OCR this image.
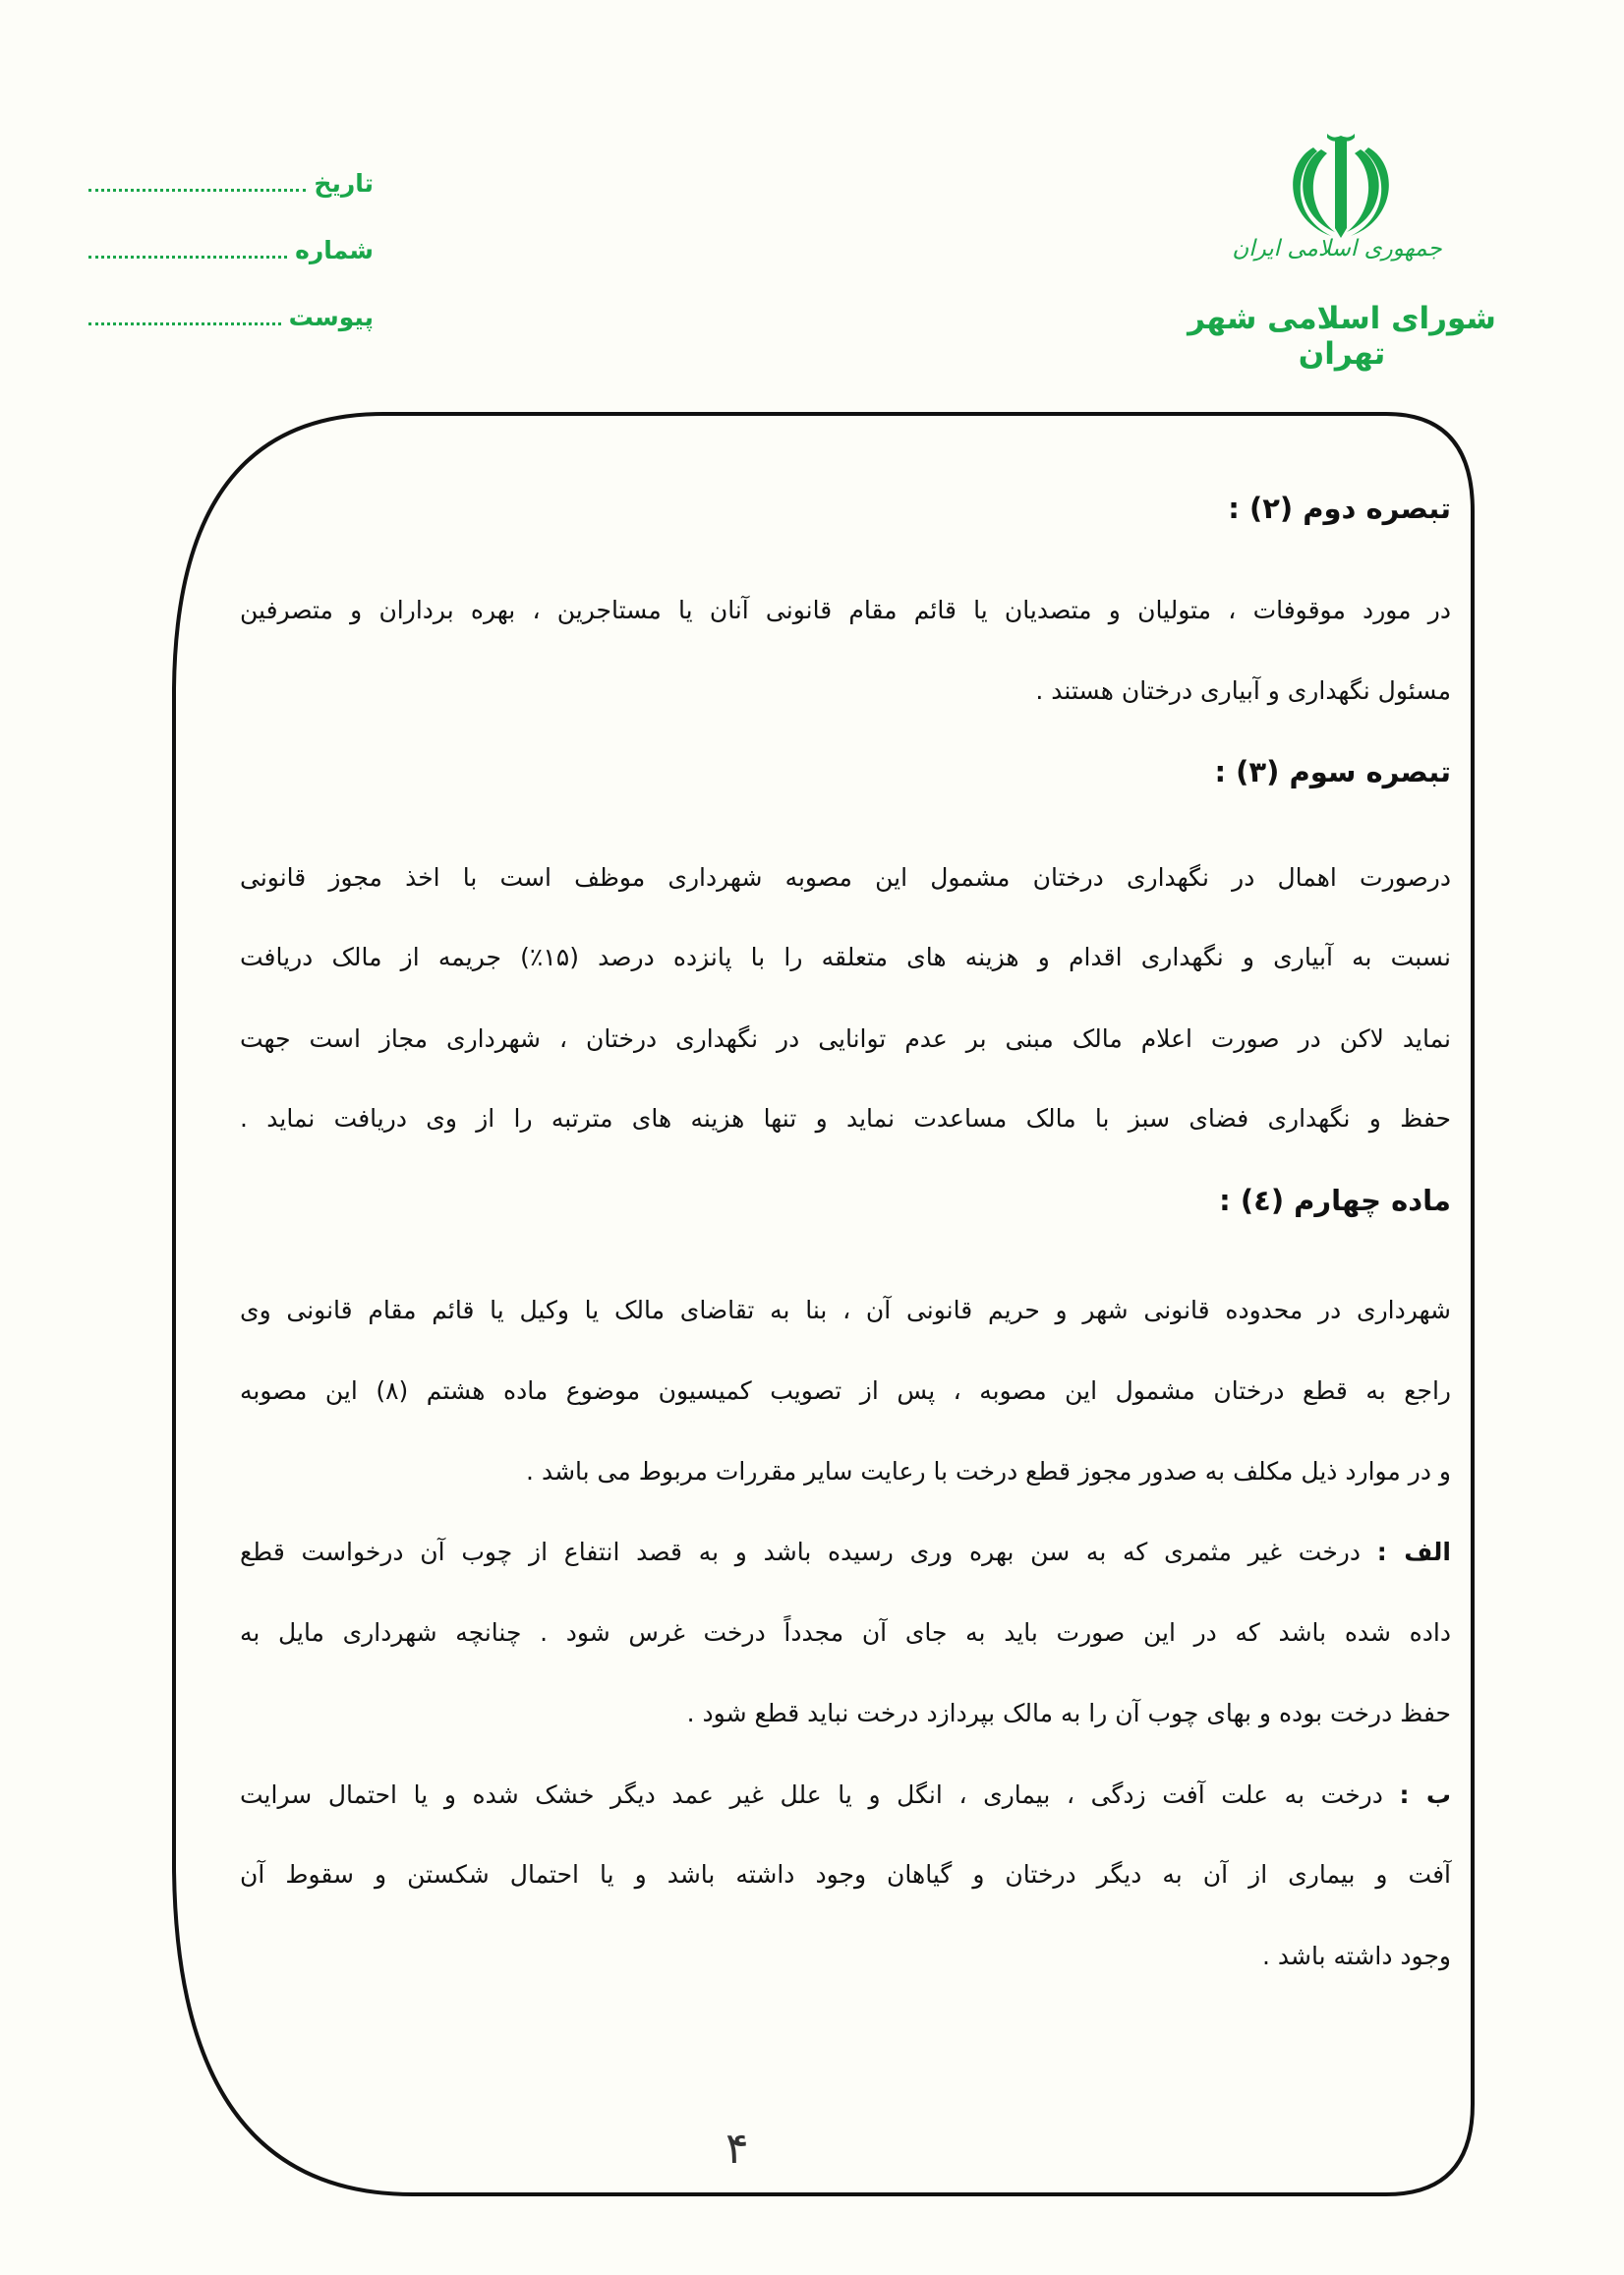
تاریخ
شماره
پیوست
جمهوری اسلامی ایران
شورای اسلامی شهر تهران
تبصره دوم (۲) :
در مورد موقوفات ، متولیان و متصدیان یا قائم مقام قانونی آنان یا مستاجرین ، بهره برداران و متصرفین
مسئول نگهداری و آبیاری درختان هستند .
تبصره سوم (۳) :
درصورت اهمال در نگهداری درختان مشمول این مصوبه شهرداری موظف است با اخذ مجوز قانونی
نسبت به آبیاری و نگهداری اقدام و هزینه های متعلقه را با پانزده درصد (۱۵٪) جریمه از مالک دریافت
نماید لاکن در صورت اعلام مالک مبنی بر عدم توانایی در نگهداری درختان ، شهرداری مجاز است جهت
حفظ و نگهداری فضای سبز با مالک مساعدت نماید و تنها هزینه های مترتبه را از وی دریافت نماید .
ماده چهارم (٤) :
شهرداری در محدوده قانونی شهر و حریم قانونی آن ، بنا به تقاضای مالک یا وکیل یا قائم مقام قانونی وی
راجع به قطع درختان مشمول این مصوبه ، پس از تصویب کمیسیون موضوع ماده هشتم (۸) این مصوبه
و در موارد ذیل مکلف به صدور مجوز قطع درخت با رعایت سایر مقررات مربوط می باشد .
الف : درخت غیر مثمری که به سن بهره وری رسیده باشد و به قصد انتفاع از چوب آن درخواست قطع
داده شده باشد که در این صورت باید به جای آن مجدداً درخت غرس شود . چنانچه شهرداری مایل به
حفظ درخت بوده و بهای چوب آن را به مالک بپردازد درخت نباید قطع شود .
ب : درخت به علت آفت زدگی ، بیماری ، انگل و یا علل غیر عمد دیگر خشک شده و یا احتمال سرایت
آفت و بیماری از آن به دیگر درختان و گیاهان وجود داشته باشد و یا احتمال شکستن و سقوط آن
وجود داشته باشد .
۴
